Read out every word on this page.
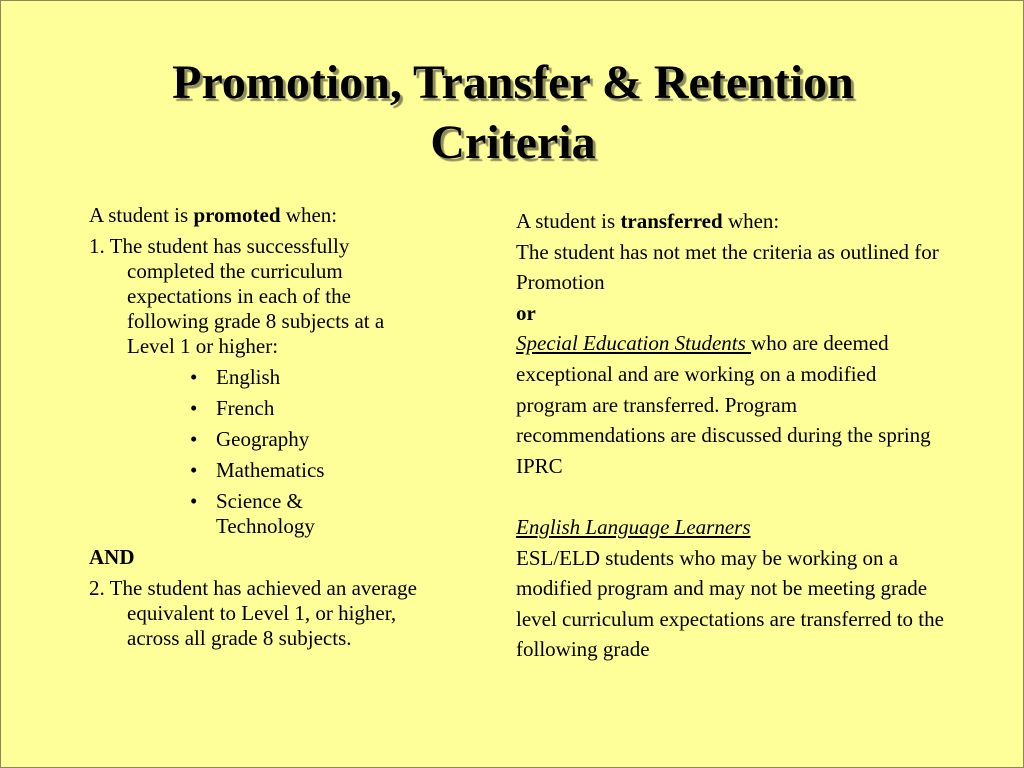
Promotion, Transfer & Retention
Criteria

A student is promoted when:

1. The student has successfully completed the curriculum expectations in each of the following grade 8 subjects at a Level 1 or higher:

• English
• French
• Geography
• Mathematics
• Science & Technology

AND

2. The student has achieved an average equivalent to Level 1, or higher, across all grade 8 subjects.

A student is transferred when:

The student has not met the criteria as outlined for Promotion

or

Special Education Students who are deemed exceptional and are working on a modified program are transferred. Program recommendations are discussed during the spring IPRC

English Language Learners

ESL/ELD students who may be working on a modified program and may not be meeting grade level curriculum expectations are transferred to the following grade
